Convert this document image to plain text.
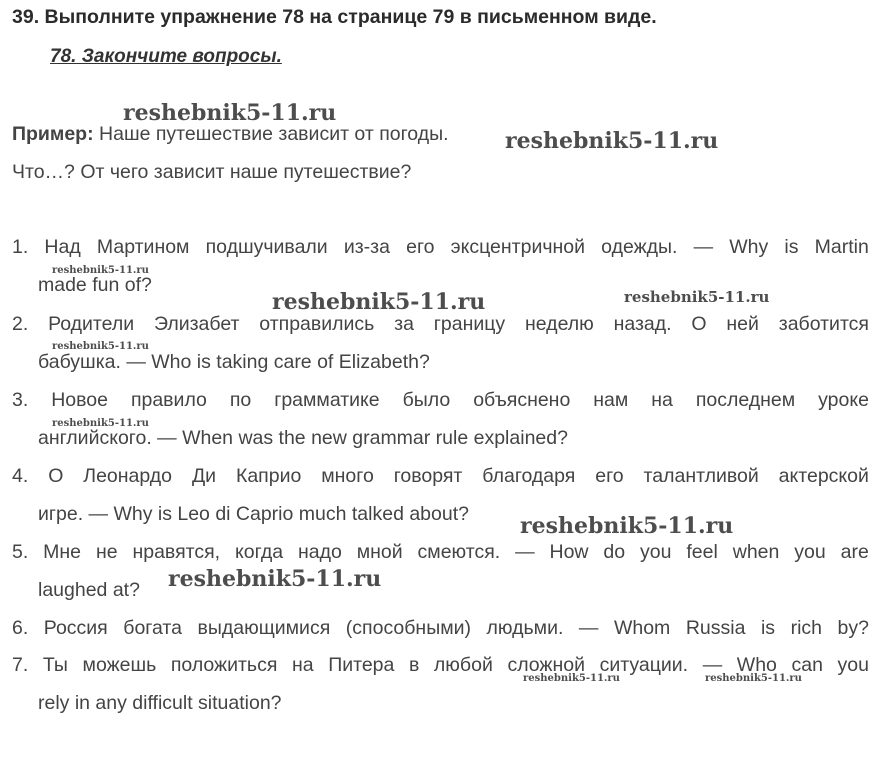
39. Выполните упражнение 78 на странице 79 в письменном виде.
78. Закончите вопросы.
Пример: Наше путешествие зависит от погоды.
Что…? От чего зависит наше путешествие?
1. Над Мартином подшучивали из-за его эксцентричной одежды. — Why is Martin
made fun of?
2. Родители Элизабет отправились за границу неделю назад. О ней заботится
бабушка. — Who is taking care of Elizabeth?
3. Новое правило по грамматике было объяснено нам на последнем уроке
английского. — When was the new grammar rule explained?
4. О Леонардо Ди Каприо много говорят благодаря его талантливой актерской
игре. — Why is Leo di Caprio much talked about?
5. Мне не нравятся, когда надо мной смеются. — How do you feel when you are
laughed at?
6. Россия богата выдающимися (способными) людьми. — Whom Russia is rich by?
7. Ты можешь положиться на Питера в любой сложной ситуации. — Who can you
rely in any difficult situation?
reshebnik5-11.ru
reshebnik5-11.ru
reshebnik5-11.ru
reshebnik5-11.ru	reshebnik5-11.ru
reshebnik5-11.ru
reshebnik5-11.ru
reshebnik5-11.ru
reshebnik5-11.ru
reshebnik5-11.ru	reshebnik5-11.ru
